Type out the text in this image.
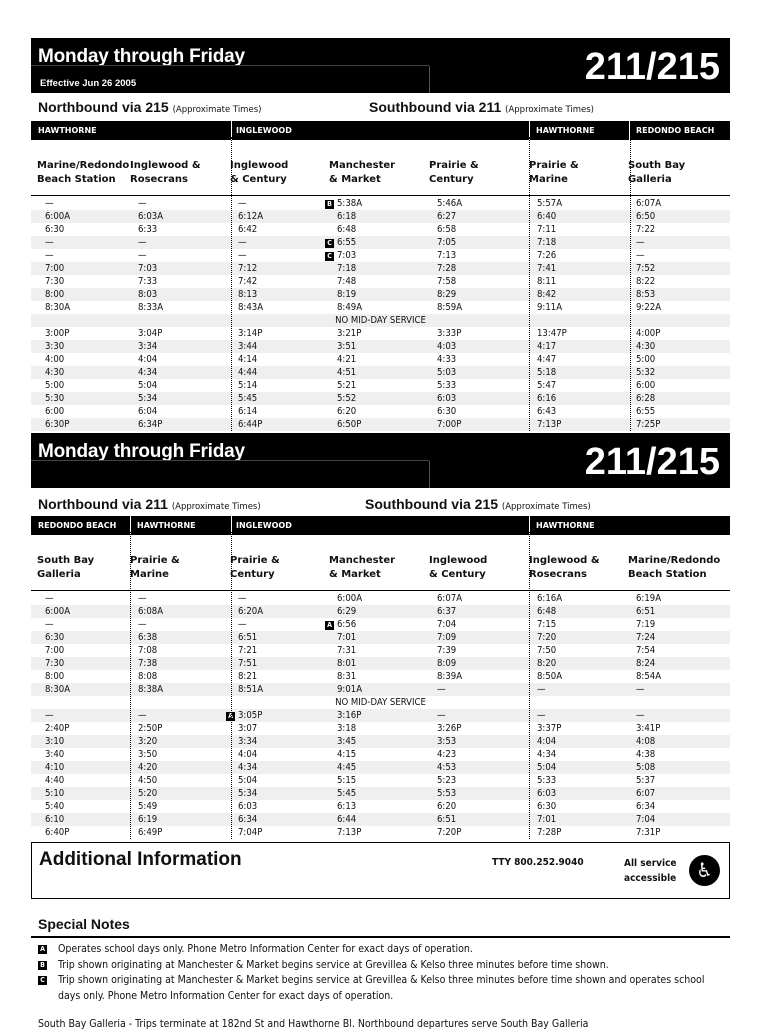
Monday through Friday
Effective Jun 26 2005	211/215
Northbound via 215 (Approximate Times)	Southbound via 211 (Approximate Times)
HAWTHORNE	INGLEWOOD	HAWTHORNE	REDONDO BEACH
Marine/Redondo
Beach Station
Inglewood &
Rosecrans
Inglewood
& Century
Manchester
& Market
Prairie &
Century
Prairie &
Marine
South Bay
Galleria
—	—	—	B 5:38A	5:46A	5:57A	6:07A
6:00A	6:03A	6:12A	6:18	6:27	6:40	6:50
6:30	6:33	6:42	6:48	6:58	7:11	7:22
—	—	—	C 6:55	7:05	7:18	—
—	—	—	C 7:03	7:13	7:26	—
7:00	7:03	7:12	7:18	7:28	7:41	7:52
7:30	7:33	7:42	7:48	7:58	8:11	8:22
8:00	8:03	8:13	8:19	8:29	8:42	8:53
8:30A	8:33A	8:43A	8:49A	8:59A	9:11A	9:22A
NO MID-DAY SERVICE
3:00P	3:04P	3:14P	3:21P	3:33P	13:47P	4:00P
3:30	3:34	3:44	3:51	4:03	4:17	4:30
4:00	4:04	4:14	4:21	4:33	4:47	5:00
4:30	4:34	4:44	4:51	5:03	5:18	5:32
5:00	5:04	5:14	5:21	5:33	5:47	6:00
5:30	5:34	5:45	5:52	6:03	6:16	6:28
6:00	6:04	6:14	6:20	6:30	6:43	6:55
6:30P	6:34P	6:44P	6:50P	7:00P	7:13P	7:25P
Monday through Friday	211/215
Northbound via 211 (Approximate Times)	Southbound via 215 (Approximate Times)
REDONDO BEACH	HAWTHORNE	INGLEWOOD	HAWTHORNE
South Bay
Galleria
Prairie &
Marine
Prairie &
Century
Manchester
& Market
Inglewood
& Century
Inglewood &
Rosecrans
Marine/Redondo
Beach Station
—	—	—	6:00A	6:07A	6:16A	6:19A
6:00A	6:08A	6:20A	6:29	6:37	6:48	6:51
—	—	—	A 6:56	7:04	7:15	7:19
6:30	6:38	6:51	7:01	7:09	7:20	7:24
7:00	7:08	7:21	7:31	7:39	7:50	7:54
7:30	7:38	7:51	8:01	8:09	8:20	8:24
8:00	8:08	8:21	8:31	8:39A	8:50A	8:54A
8:30A	8:38A	8:51A	9:01A	—	—	—
NO MID-DAY SERVICE
—	—	A 3:05P	3:16P	—	—	—
2:40P	2:50P	3:07	3:18	3:26P	3:37P	3:41P
3:10	3:20	3:34	3:45	3:53	4:04	4:08
3:40	3:50	4:04	4:15	4:23	4:34	4:38
4:10	4:20	4:34	4:45	4:53	5:04	5:08
4:40	4:50	5:04	5:15	5:23	5:33	5:37
5:10	5:20	5:34	5:45	5:53	6:03	6:07
5:40	5:49	6:03	6:13	6:20	6:30	6:34
6:10	6:19	6:34	6:44	6:51	7:01	7:04
6:40P	6:49P	7:04P	7:13P	7:20P	7:28P	7:31P
Additional Information	TTY 800.252.9040	All service
accessible	♿
Special Notes
A Operates school days only. Phone Metro Information Center for exact days of operation.
B Trip shown originating at Manchester & Market begins service at Grevillea & Kelso three minutes before time shown.
C Trip shown originating at Manchester & Market begins service at Grevillea & Kelso three minutes before time shown and operates school days only. Phone Metro Information Center for exact days of operation.
South Bay Galleria - Trips terminate at 182nd St and Hawthorne Bl. Northbound departures serve South Bay Galleria
